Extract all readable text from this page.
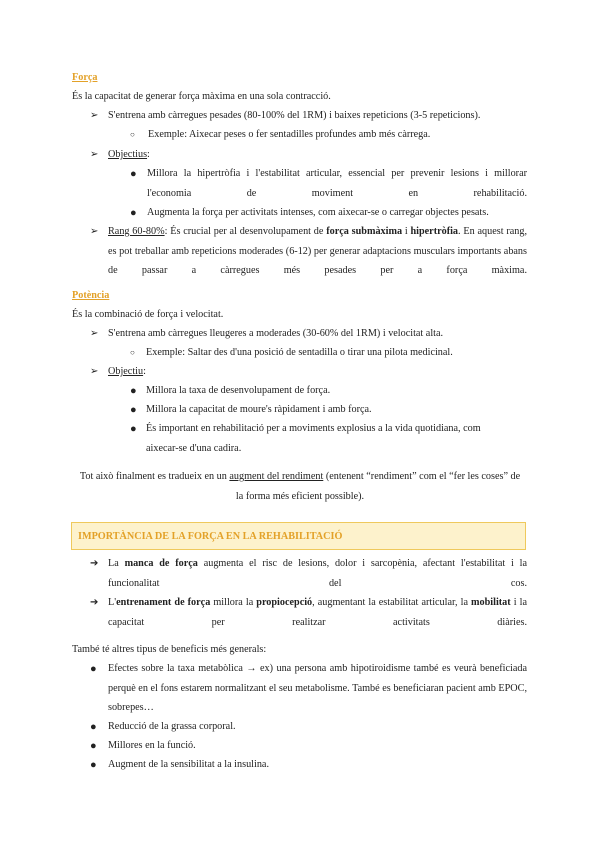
Força
És la capacitat de generar força màxima en una sola contracció.
➢ S'entrena amb càrregues pesades (80-100% del 1RM) i baixes repeticions (3-5 repeticions).
○ Exemple: Aixecar peses o fer sentadilles profundes amb més càrrega.
➢ Objectius:
● Millora la hipertròfia i l'estabilitat articular, essencial per prevenir lesions i millorar l'economia de moviment en rehabilitació.
● Augmenta la força per activitats intenses, com aixecar-se o carregar objectes pesats.
➢ Rang 60-80%: És crucial per al desenvolupament de força submàxima i hipertròfia. En aquest rang, es pot treballar amb repeticions moderades (6-12) per generar adaptacions musculars importants abans de passar a càrregues més pesades per a força màxima.
Potència
És la combinació de força i velocitat.
➢ S'entrena amb càrregues lleugeres a moderades (30-60% del 1RM) i velocitat alta.
○ Exemple: Saltar des d'una posició de sentadilla o tirar una pilota medicinal.
➢ Objectiu:
● Millora la taxa de desenvolupament de força.
● Millora la capacitat de moure's ràpidament i amb força.
● És important en rehabilitació per a moviments explosius a la vida quotidiana, com aixecar-se d'una cadira.
Tot això finalment es tradueix en un augment del rendiment (entenent “rendiment” com el “fer les coses” de la forma més eficient possible).
IMPORTÀNCIA DE LA FORÇA EN LA REHABILITACIÓ
➔ La manca de força augmenta el risc de lesions, dolor i sarcopènia, afectant l'estabilitat i la funcionalitat del cos.
➔ L'entrenament de força millora la propiocepció, augmentant la estabilitat articular, la mobilitat i la capacitat per realitzar activitats diàries.
També té altres tipus de beneficis més generals:
● Efectes sobre la taxa metabòlica → ex) una persona amb hipotiroidisme també es veurà beneficiada perquè en el fons estarem normalitzant el seu metabolisme. També es beneficiaran pacient amb EPOC, sobrepes…
● Reducció de la grassa corporal.
● Millores en la funció.
● Augment de la sensibilitat a la insulina.
